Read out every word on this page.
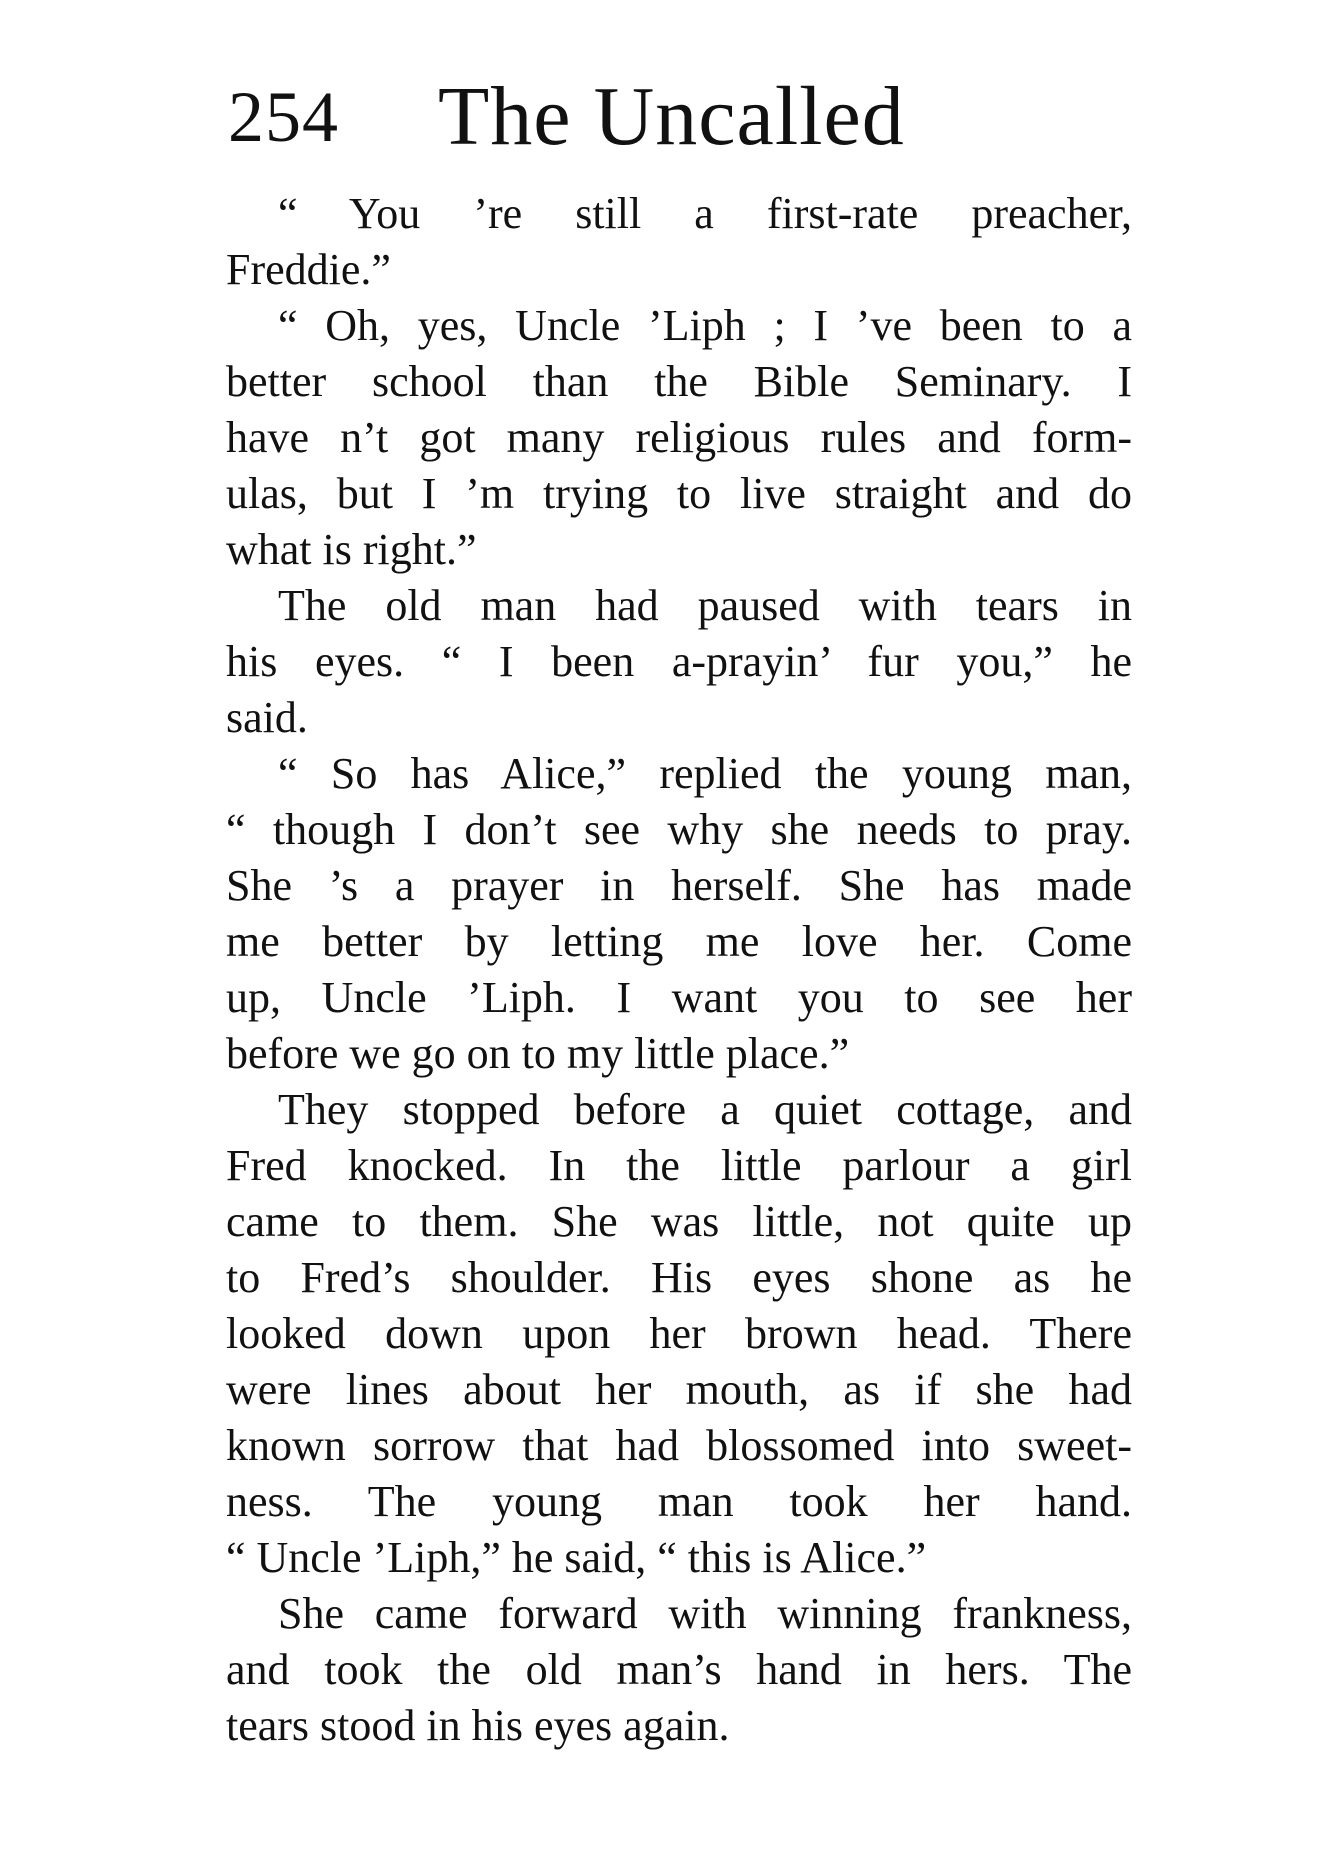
254 The Uncalled

“ You ’re still a first-rate preacher,
Freddie.”

“ Oh, yes, Uncle ’Liph ; I ’ve been to a
better school than the Bible Seminary. I
have n’t got many religious rules and form-
ulas, but I ’m trying to live straight and do
what is right.”

The old man had paused with tears in
his eyes. “ I been a-prayin’ fur you,” he
said.

“ So has Alice,” replied the young man,
“ though I don’t see why she needs to pray.
She ’s a prayer in herself. She has made
me better by letting me love her. Come
up, Uncle ’Liph. I want you to see her
before we go on to my little place.”

They stopped before a quiet cottage, and
Fred knocked. In the little parlour a girl
came to them. She was little, not quite up
to Fred’s shoulder. His eyes shone as he
looked down upon her brown head. There
were lines about her mouth, as if she had
known sorrow that had blossomed into sweet-
ness. The young man took her hand.
“ Uncle ’Liph,” he said, “ this is Alice.”

She came forward with winning frankness,
and took the old man’s hand in hers. The
tears stood in his eyes again.
